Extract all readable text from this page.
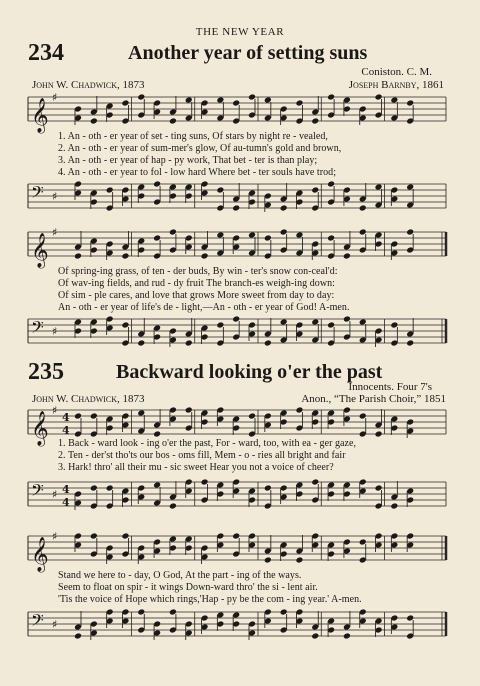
THE NEW YEAR
234	Another year of setting suns
Coniston. C. M.
John W. Chadwick, 1873	Joseph Barnby, 1861
𝄞
♯
1. An - oth - er year of set - ting suns, Of stars by night re - vealed,
2. An - oth - er year of sum-mer's glow, Of au-tumn's gold and brown,
3. An - oth - er year of hap - py work, That bet - ter is than play;
4. An - oth - er year to fol - low hard Where bet - ter souls have trod;
𝄢 ♯
𝄞
♯
Of spring-ing grass, of ten - der buds, By win - ter's snow con-ceal'd:
Of wav-ing fields, and rud - dy fruit The branch-es weigh-ing down:
Of sim - ple cares, and love that grows More sweet from day to day:
An - oth - er year of life's de - light,—An - oth - er year of God! A-men.
𝄢 ♯
235	Backward looking o'er the past
Innocents. Four 7's
John W. Chadwick, 1873	Anon., “The Parish Choir,” 1851
𝄞
♯
4
4
1. Back - ward look - ing o'er the past, For - ward, too, with ea - ger gaze,
2. Ten - der'st tho'ts our bos - oms fill, Mem - o - ries all bright and fair
3. Hark! thro' all their mu - sic sweet Hear you not a voice of cheer?
𝄢 ♯ 4
4
𝄞
♯
Stand we here to - day, O God, At the part - ing of the ways.
Seem to float on spir - it wings Down-ward thro' the si - lent air.
'Tis the voice of Hope which rings,'Hap - py be the com - ing year.' A-men.
𝄢 ♯
